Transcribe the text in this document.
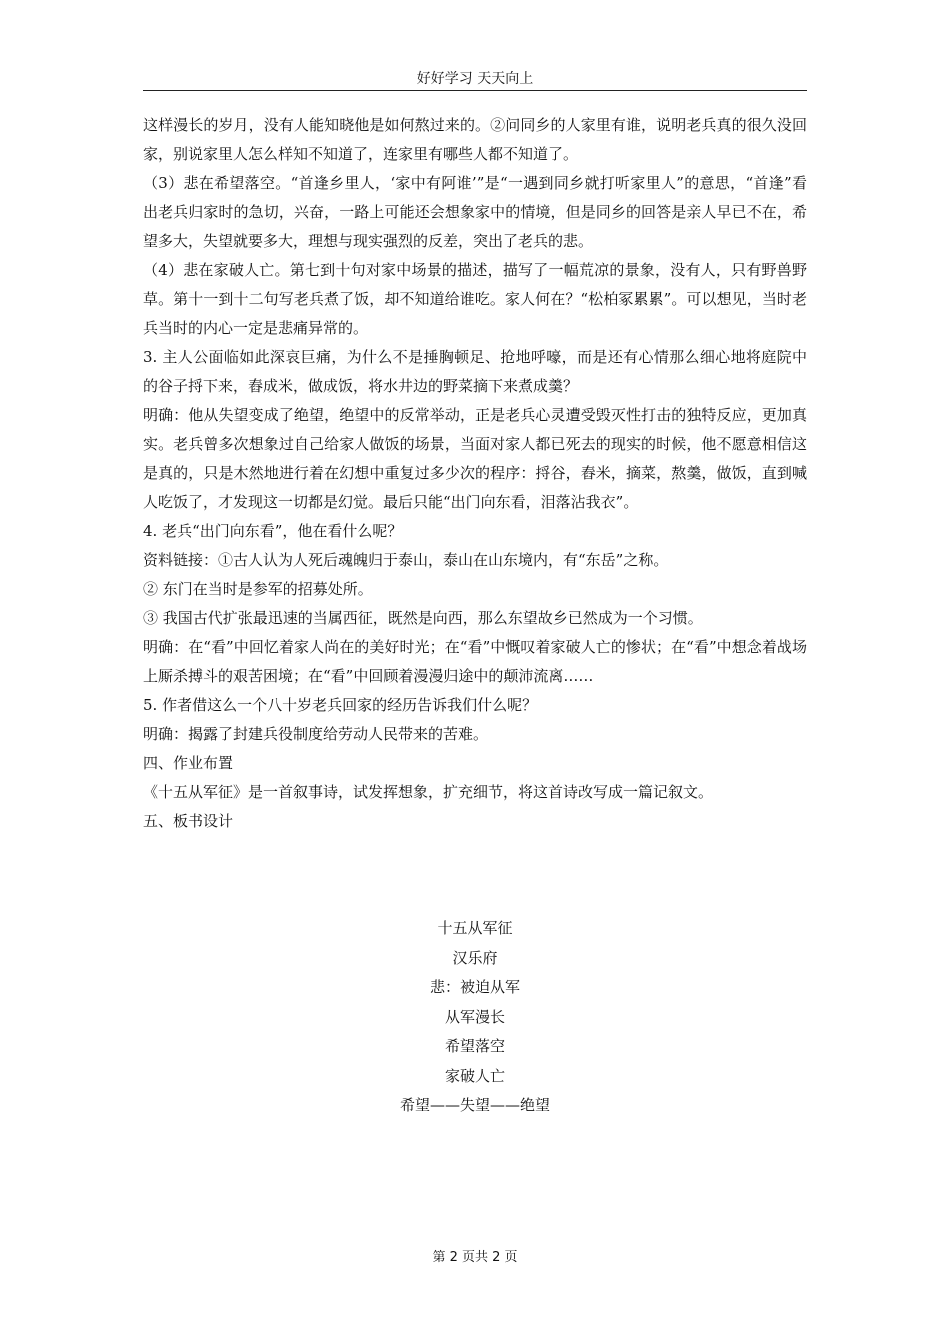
好好学习 天天向上

这样漫长的岁月，没有人能知晓他是如何熬过来的。②问同乡的人家里有谁，说明老兵真的很久没回家，别说家里人怎么样知不知道了，连家里有哪些人都不知道了。

（3）悲在希望落空。“首逢乡里人，‘家中有阿谁’”是“一遇到同乡就打听家里人”的意思，“首逢”看出老兵归家时的急切，兴奋，一路上可能还会想象家中的情境，但是同乡的回答是亲人早已不在，希望多大，失望就要多大，理想与现实强烈的反差，突出了老兵的悲。

（4）悲在家破人亡。第七到十句对家中场景的描述，描写了一幅荒凉的景象，没有人，只有野兽野草。第十一到十二句写老兵煮了饭，却不知道给谁吃。家人何在？“松柏冢累累”。可以想见，当时老兵当时的内心一定是悲痛异常的。

3. 主人公面临如此深哀巨痛，为什么不是捶胸顿足、抢地呼嚎，而是还有心情那么细心地将庭院中的谷子捋下来，舂成米，做成饭，将水井边的野菜摘下来煮成羹？

明确：他从失望变成了绝望，绝望中的反常举动，正是老兵心灵遭受毁灭性打击的独特反应，更加真实。老兵曾多次想象过自己给家人做饭的场景，当面对家人都已死去的现实的时候，他不愿意相信这是真的，只是木然地进行着在幻想中重复过多少次的程序：捋谷，舂米，摘菜，熬羹，做饭，直到喊人吃饭了，才发现这一切都是幻觉。最后只能“出门向东看，泪落沾我衣”。

4. 老兵“出门向东看”，他在看什么呢？

资料链接：①古人认为人死后魂魄归于泰山，泰山在山东境内，有“东岳”之称。

② 东门在当时是参军的招募处所。

③ 我国古代扩张最迅速的当属西征，既然是向西，那么东望故乡已然成为一个习惯。

明确：在“看”中回忆着家人尚在的美好时光；在“看”中慨叹着家破人亡的惨状；在“看”中想念着战场上厮杀搏斗的艰苦困境；在“看”中回顾着漫漫归途中的颠沛流离……

5. 作者借这么一个八十岁老兵回家的经历告诉我们什么呢？

明确：揭露了封建兵役制度给劳动人民带来的苦难。

四、作业布置

《十五从军征》是一首叙事诗，试发挥想象，扩充细节，将这首诗改写成一篇记叙文。

五、板书设计

十五从军征

汉乐府

悲：被迫从军

从军漫长

希望落空

家破人亡

希望——失望——绝望

第 2 页共 2 页
